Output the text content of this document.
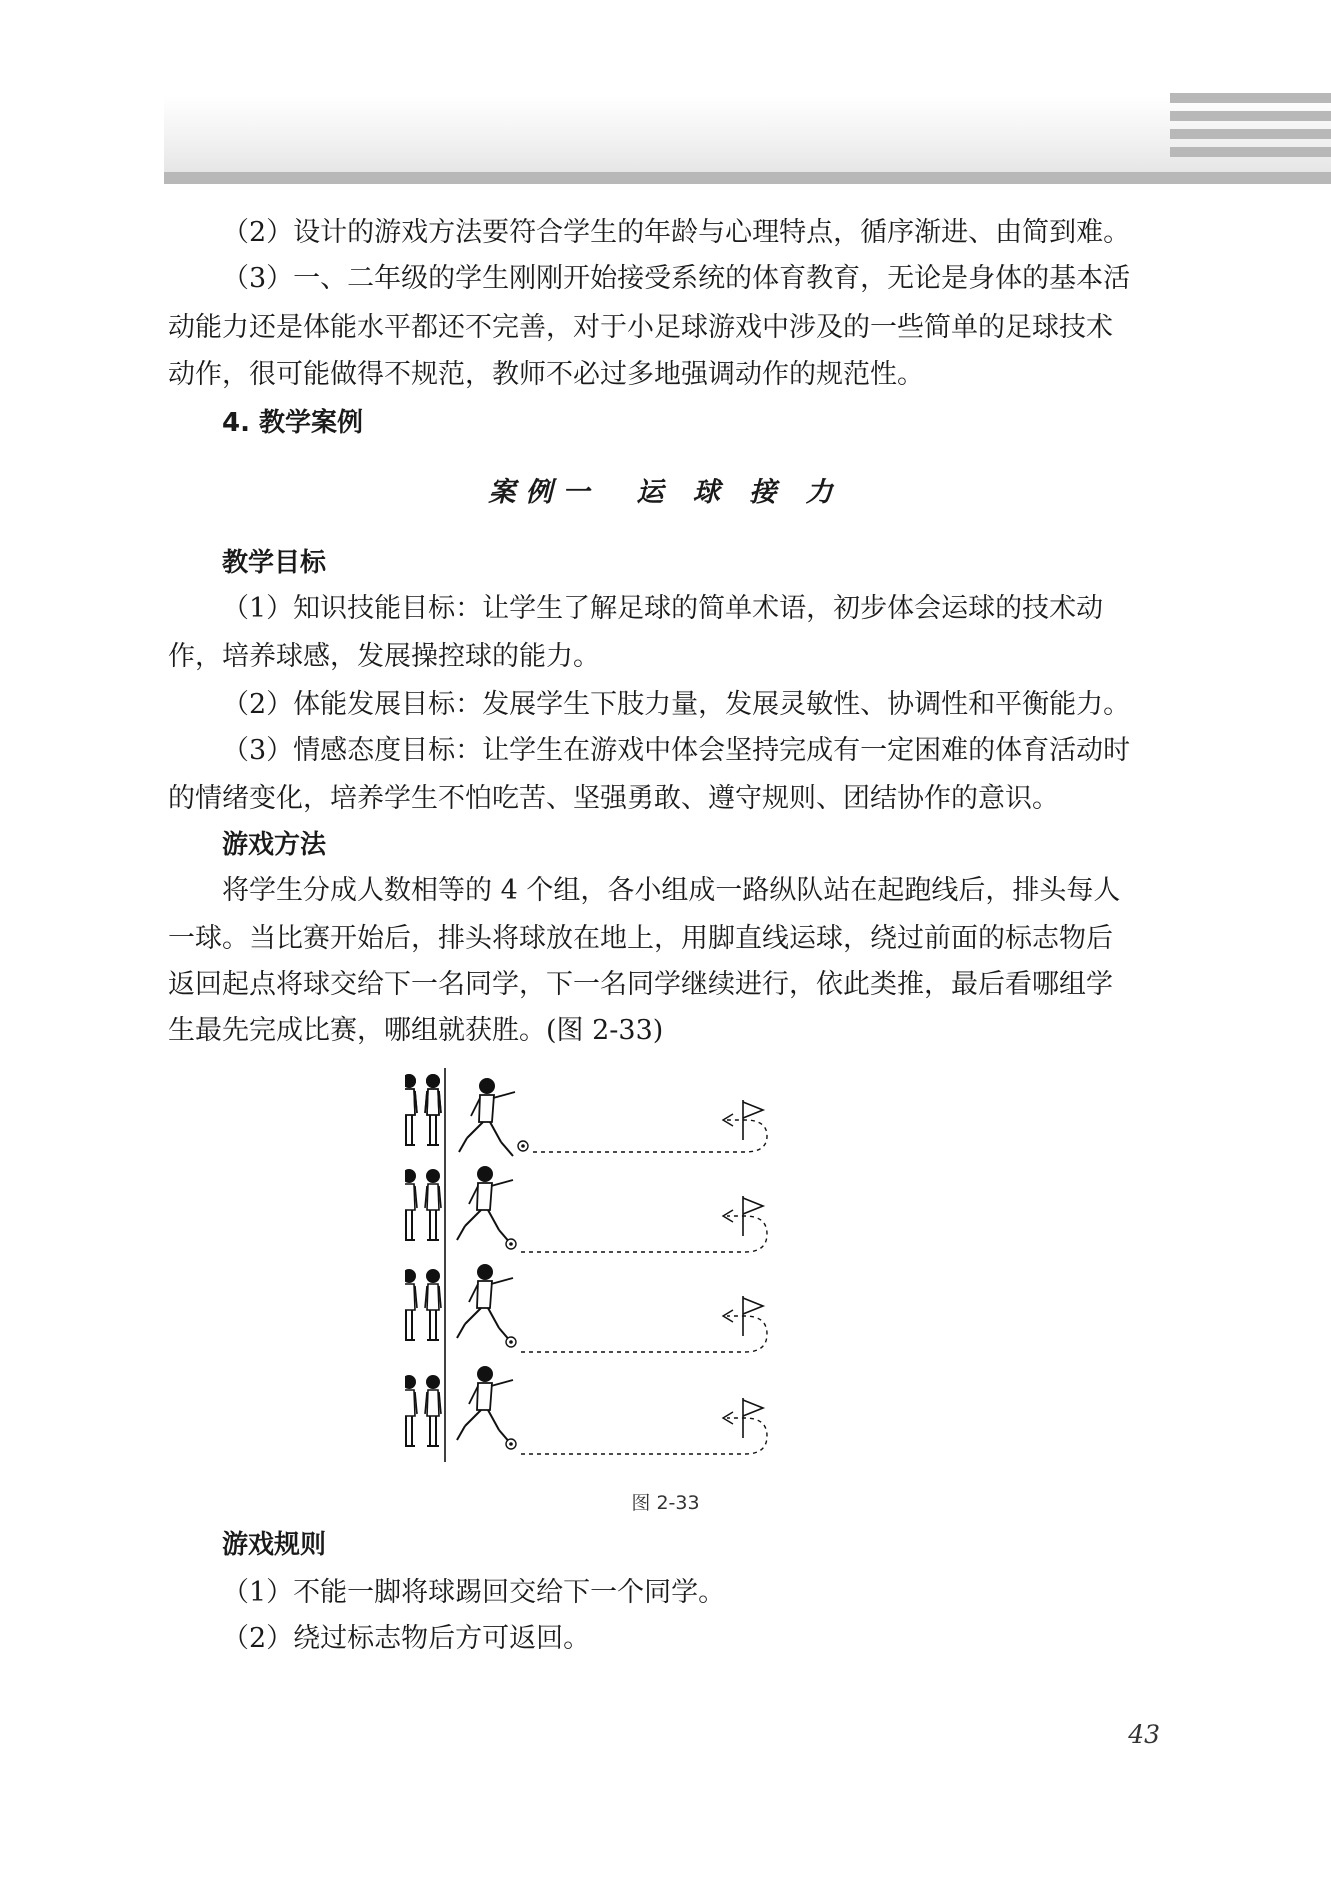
（2）设计的游戏方法要符合学生的年龄与心理特点，循序渐进、由简到难。

（3）一、二年级的学生刚刚开始接受系统的体育教育，无论是身体的基本活

动能力还是体能水平都还不完善，对于小足球游戏中涉及的一些简单的足球技术

动作，很可能做得不规范，教师不必过多地强调动作的规范性。

4. 教学案例
案例一　运 球 接 力
教学目标

（1）知识技能目标：让学生了解足球的简单术语，初步体会运球的技术动

作，培养球感，发展操控球的能力。

（2）体能发展目标：发展学生下肢力量，发展灵敏性、协调性和平衡能力。

（3）情感态度目标：让学生在游戏中体会坚持完成有一定困难的体育活动时

的情绪变化，培养学生不怕吃苦、坚强勇敢、遵守规则、团结协作的意识。

游戏方法

将学生分成人数相等的 4 个组，各小组成一路纵队站在起跑线后，排头每人

一球。当比赛开始后，排头将球放在地上，用脚直线运球，绕过前面的标志物后

返回起点将球交给下一名同学，下一名同学继续进行，依此类推，最后看哪组学

生最先完成比赛，哪组就获胜。(图 2-33)

图 2-33
游戏规则

（1）不能一脚将球踢回交给下一个同学。

（2）绕过标志物后方可返回。

43
